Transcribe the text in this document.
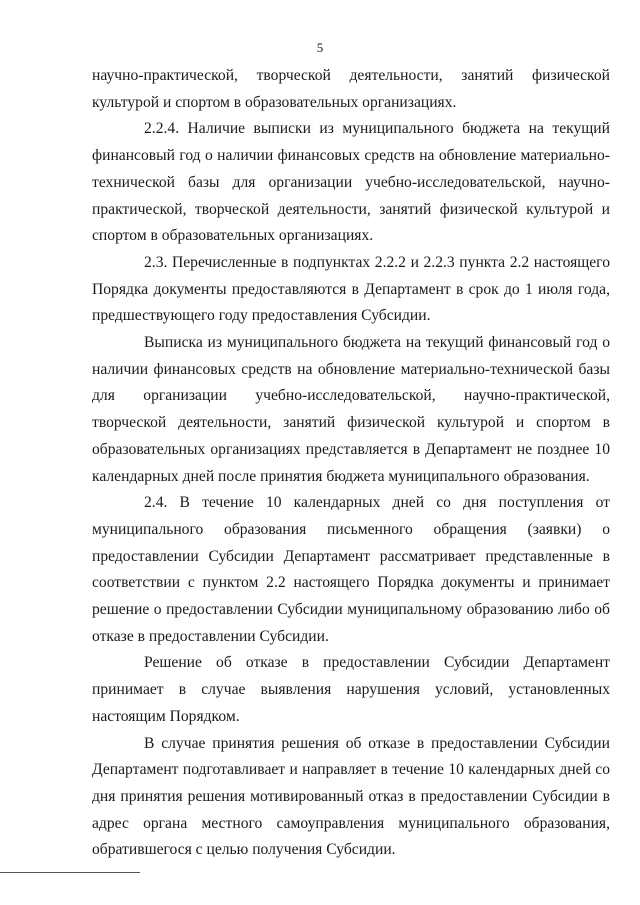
5

научно-практической, творческой деятельности, занятий физической культурой и спортом в образовательных организациях.

2.2.4. Наличие выписки из муниципального бюджета на текущий финансовый год о наличии финансовых средств на обновление материально-технической базы для организации учебно-исследовательской, научно-практической, творческой деятельности, занятий физической культурой и спортом в образовательных организациях.

2.3. Перечисленные в подпунктах 2.2.2 и 2.2.3 пункта 2.2 настоящего Порядка документы предоставляются в Департамент в срок до 1 июля года, предшествующего году предоставления Субсидии.

Выписка из муниципального бюджета на текущий финансовый год о наличии финансовых средств на обновление материально-технической базы для организации учебно-исследовательской, научно-практической, творческой деятельности, занятий физической культурой и спортом в образовательных организациях представляется в Департамент не позднее 10 календарных дней после принятия бюджета муниципального образования.

2.4. В течение 10 календарных дней со дня поступления от муниципального образования письменного обращения (заявки) о предоставлении Субсидии Департамент рассматривает представленные в соответствии с пунктом 2.2 настоящего Порядка документы и принимает решение о предоставлении Субсидии муниципальному образованию либо об отказе в предоставлении Субсидии.

Решение об отказе в предоставлении Субсидии Департамент принимает в случае выявления нарушения условий, установленных настоящим Порядком.

В случае принятия решения об отказе в предоставлении Субсидии Департамент подготавливает и направляет в течение 10 календарных дней со дня принятия решения мотивированный отказ в предоставлении Субсидии в адрес органа местного самоуправления муниципального образования, обратившегося с целью получения Субсидии.
